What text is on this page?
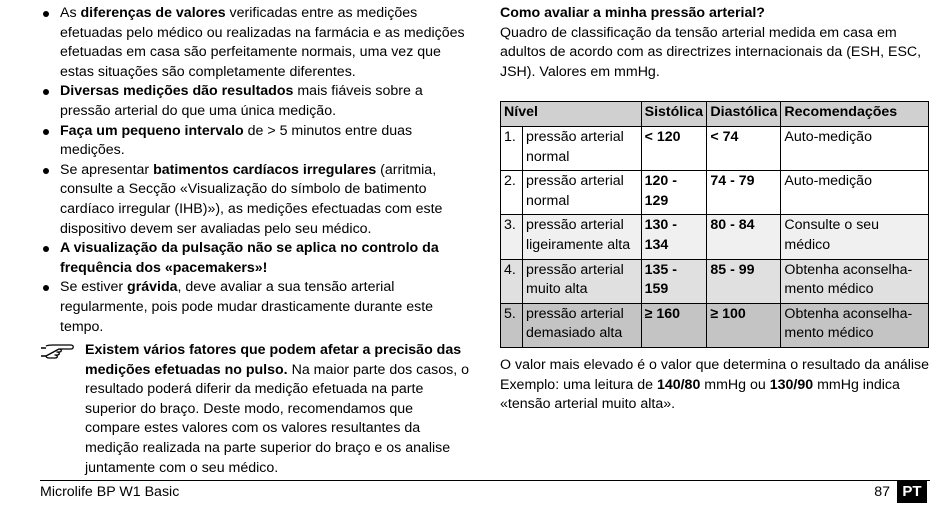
As diferenças de valores verificadas entre as medições efetuadas pelo médico ou realizadas na farmácia e as medições efetuadas em casa são perfeitamente normais, uma vez que estas situações são completamente diferentes.
Diversas medições dão resultados mais fiáveis sobre a pressão arterial do que uma única medição.
Faça um pequeno intervalo de > 5 minutos entre duas medições.
Se apresentar batimentos cardíacos irregulares (arritmia, consulte a Secção «Visualização do símbolo de batimento cardíaco irregular (IHB)»), as medições efectuadas com este dispositivo devem ser avaliadas pelo seu médico.
A visualização da pulsação não se aplica no controlo da frequência dos «pacemakers»!
Se estiver grávida, deve avaliar a sua tensão arterial regularmente, pois pode mudar drasticamente durante este tempo.
Existem vários fatores que podem afetar a precisão das medições efetuadas no pulso. Na maior parte dos casos, o resultado poderá diferir da medição efetuada na parte superior do braço. Deste modo, recomendamos que compare estes valores com os valores resultantes da medição realizada na parte superior do braço e os analise juntamente com o seu médico.
Como avaliar a minha pressão arterial?
Quadro de classificação da tensão arterial medida em casa em adultos de acordo com as directrizes internacionais da (ESH, ESC, JSH). Valores em mmHg.
Nível		Sistólica	Diastólica	Recomendações
1.	pressão arterial normal	< 120	< 74	Auto-medição
2.	pressão arterial normal	120 - 129	74 - 79	Auto-medição
3.	pressão arterial ligeiramente alta	130 - 134	80 - 84	Consulte o seu médico
4.	pressão arterial muito alta	135 - 159	85 - 99	Obtenha aconselha-mento médico
5.	pressão arterial demasiado alta	≥ 160	≥ 100	Obtenha aconselha-mento médico
O valor mais elevado é o valor que determina o resultado da análise
Exemplo: uma leitura de 140/80 mmHg ou 130/90 mmHg indica «tensão arterial muito alta».
Microlife BP W1 Basic	87 PT
